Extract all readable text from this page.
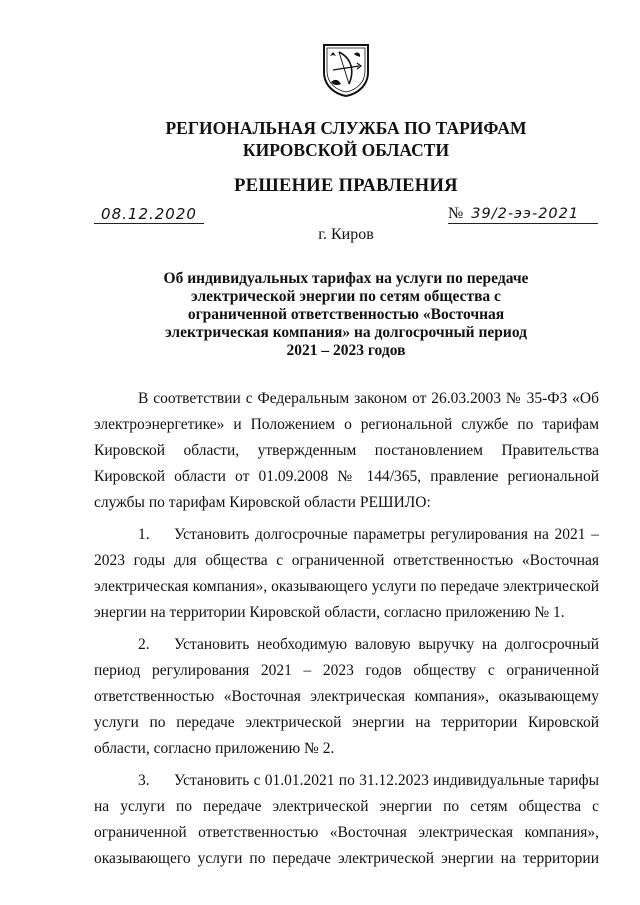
РЕГИОНАЛЬНАЯ СЛУЖБА ПО ТАРИФАМ
КИРОВСКОЙ ОБЛАСТИ
РЕШЕНИЕ ПРАВЛЕНИЯ
08.12.2020	№ 39/2-ээ-2021
г. Киров
Об индивидуальных тарифах на услуги по передаче
электрической энергии по сетям общества с
ограниченной ответственностью «Восточная
электрическая компания» на долгосрочный период
2021 – 2023 годов

В соответствии с Федеральным законом от 26.03.2003 № 35-ФЗ «Об электроэнергетике» и Положением о региональной службе по тарифам Кировской области, утвержденным постановлением Правительства Кировской области от 01.09.2008 № 144/365, правление региональной службы по тарифам Кировской области РЕШИЛО:

1. Установить долгосрочные параметры регулирования на 2021 – 2023 годы для общества с ограниченной ответственностью «Восточная электрическая компания», оказывающего услуги по передаче электрической энергии на территории Кировской области, согласно приложению № 1.

2. Установить необходимую валовую выручку на долгосрочный период регулирования 2021 – 2023 годов обществу с ограниченной ответственностью «Восточная электрическая компания», оказывающему услуги по передаче электрической энергии на территории Кировской области, согласно приложению № 2.

3. Установить с 01.01.2021 по 31.12.2023 индивидуальные тарифы на услуги по передаче электрической энергии по сетям общества с ограниченной ответственностью «Восточная электрическая компания», оказывающего услуги по передаче электрической энергии на территории
